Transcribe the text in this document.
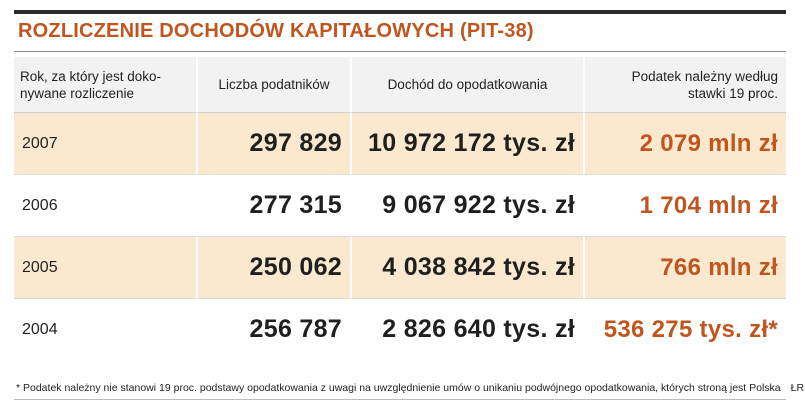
ROZLICZENIE DOCHODÓW KAPITAŁOWYCH (PIT-38)
Rok, za który jest doko-
nywane rozliczenie	Liczba podatników	Dochód do opodatkowania	Podatek należny według
stawki 19 proc.
2007	297 829	10 972 172 tys. zł	2 079 mln zł
2006	277 315	9 067 922 tys. zł	1 704 mln zł
2005	250 062	4 038 842 tys. zł	766 mln zł
2004	256 787	2 826 640 tys. zł	536 275 tys. zł*
* Podatek należny nie stanowi 19 proc. podstawy opodatkowania z uwagi na uwzględnienie umów o unikaniu podwójnego opodatkowania, których stroną jest Polska ŁR
